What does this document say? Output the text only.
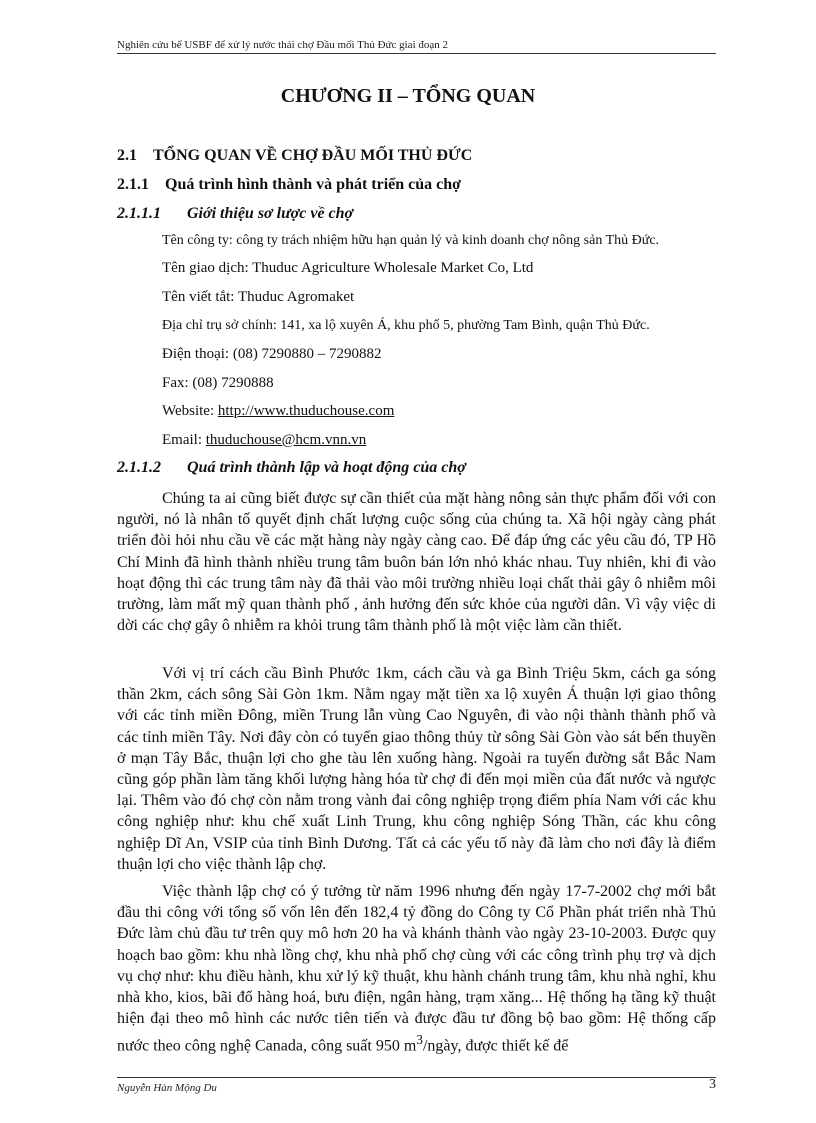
Nghiên cứu bể USBF để xử lý nước thải chợ Đầu mối Thủ Đức giai đoạn 2
CHƯƠNG II – TỔNG QUAN
2.1 TỔNG QUAN VỀ CHỢ ĐẦU MỐI THỦ ĐỨC
2.1.1 Quá trình hình thành và phát triển của chợ
2.1.1.1 Giới thiệu sơ lược về chợ

Tên công ty: công ty trách nhiệm hữu hạn quản lý và kinh doanh chợ nông sản Thủ Đức.

Tên giao dịch: Thuduc Agriculture Wholesale Market Co, Ltd

Tên viết tắt: Thuduc Agromaket

Địa chỉ trụ sở chính: 141, xa lộ xuyên Á, khu phố 5, phường Tam Bình, quận Thủ Đức.

Điện thoại: (08) 7290880 – 7290882

Fax: (08) 7290888

Website: http://www.thuduchouse.com

Email: thuduchouse@hcm.vnn.vn

2.1.1.2 Quá trình thành lập và hoạt động của chợ

Chúng ta ai cũng biết được sự cần thiết của mặt hàng nông sản thực phẩm đối với con người, nó là nhân tố quyết định chất lượng cuộc sống của chúng ta. Xã hội ngày càng phát triển đòi hỏi nhu cầu về các mặt hàng này ngày càng cao. Để đáp ứng các yêu cầu đó, TP Hồ Chí Minh đã hình thành nhiều trung tâm buôn bán lớn nhỏ khác nhau. Tuy nhiên, khi đi vào hoạt động thì các trung tâm này đã thải vào môi trường nhiều loại chất thải gây ô nhiễm môi trường, làm mất mỹ quan thành phố , ảnh hưởng đến sức khỏe của người dân. Vì vậy việc di dời các chợ gây ô nhiễm ra khỏi trung tâm thành phố là một việc làm cần thiết.

Với vị trí cách cầu Bình Phước 1km, cách cầu và ga Bình Triệu 5km, cách ga sóng thần 2km, cách sông Sài Gòn 1km. Nằm ngay mặt tiền xa lộ xuyên Á thuận lợi giao thông với các tỉnh miền Đông, miền Trung lẫn vùng Cao Nguyên, đi vào nội thành thành phố và các tỉnh miền Tây. Nơi đây còn có tuyến giao thông thủy từ sông Sài Gòn vào sát bến thuyền ở mạn Tây Bắc, thuận lợi cho ghe tàu lên xuống hàng. Ngoài ra tuyến đường sắt Bắc Nam cũng góp phần làm tăng khối lượng hàng hóa từ chợ đi đến mọi miền của đất nước và ngược lại. Thêm vào đó chợ còn nằm trong vành đai công nghiệp trọng điểm phía Nam với các khu công nghiệp như: khu chế xuất Linh Trung, khu công nghiệp Sóng Thần, các khu công nghiệp Dĩ An, VSIP của tỉnh Bình Dương. Tất cả các yếu tố này đã làm cho nơi đây là điểm thuận lợi cho việc thành lập chợ.

Việc thành lập chợ có ý tưởng từ năm 1996 nhưng đến ngày 17-7-2002 chợ mới bắt đầu thi công với tổng số vốn lên đến 182,4 tỷ đồng do Công ty Cổ Phần phát triển nhà Thủ Đức làm chủ đầu tư trên quy mô hơn 20 ha và khánh thành vào ngày 23-10-2003. Được quy hoạch bao gồm: khu nhà lồng chợ, khu nhà phố chợ cùng với các công trình phụ trợ và dịch vụ chợ như: khu điều hành, khu xử lý kỹ thuật, khu hành chánh trung tâm, khu nhà nghỉ, khu nhà kho, kios, bãi đổ hàng hoá, bưu điện, ngân hàng, trạm xăng... Hệ thống hạ tầng kỹ thuật hiện đại theo mô hình các nước tiên tiến và được đầu tư đồng bộ bao gồm: Hệ thống cấp nước theo công nghệ Canada, công suất 950 $m^3$/ngày, được thiết kế để

Nguyễn Hàn Mộng Du	3
